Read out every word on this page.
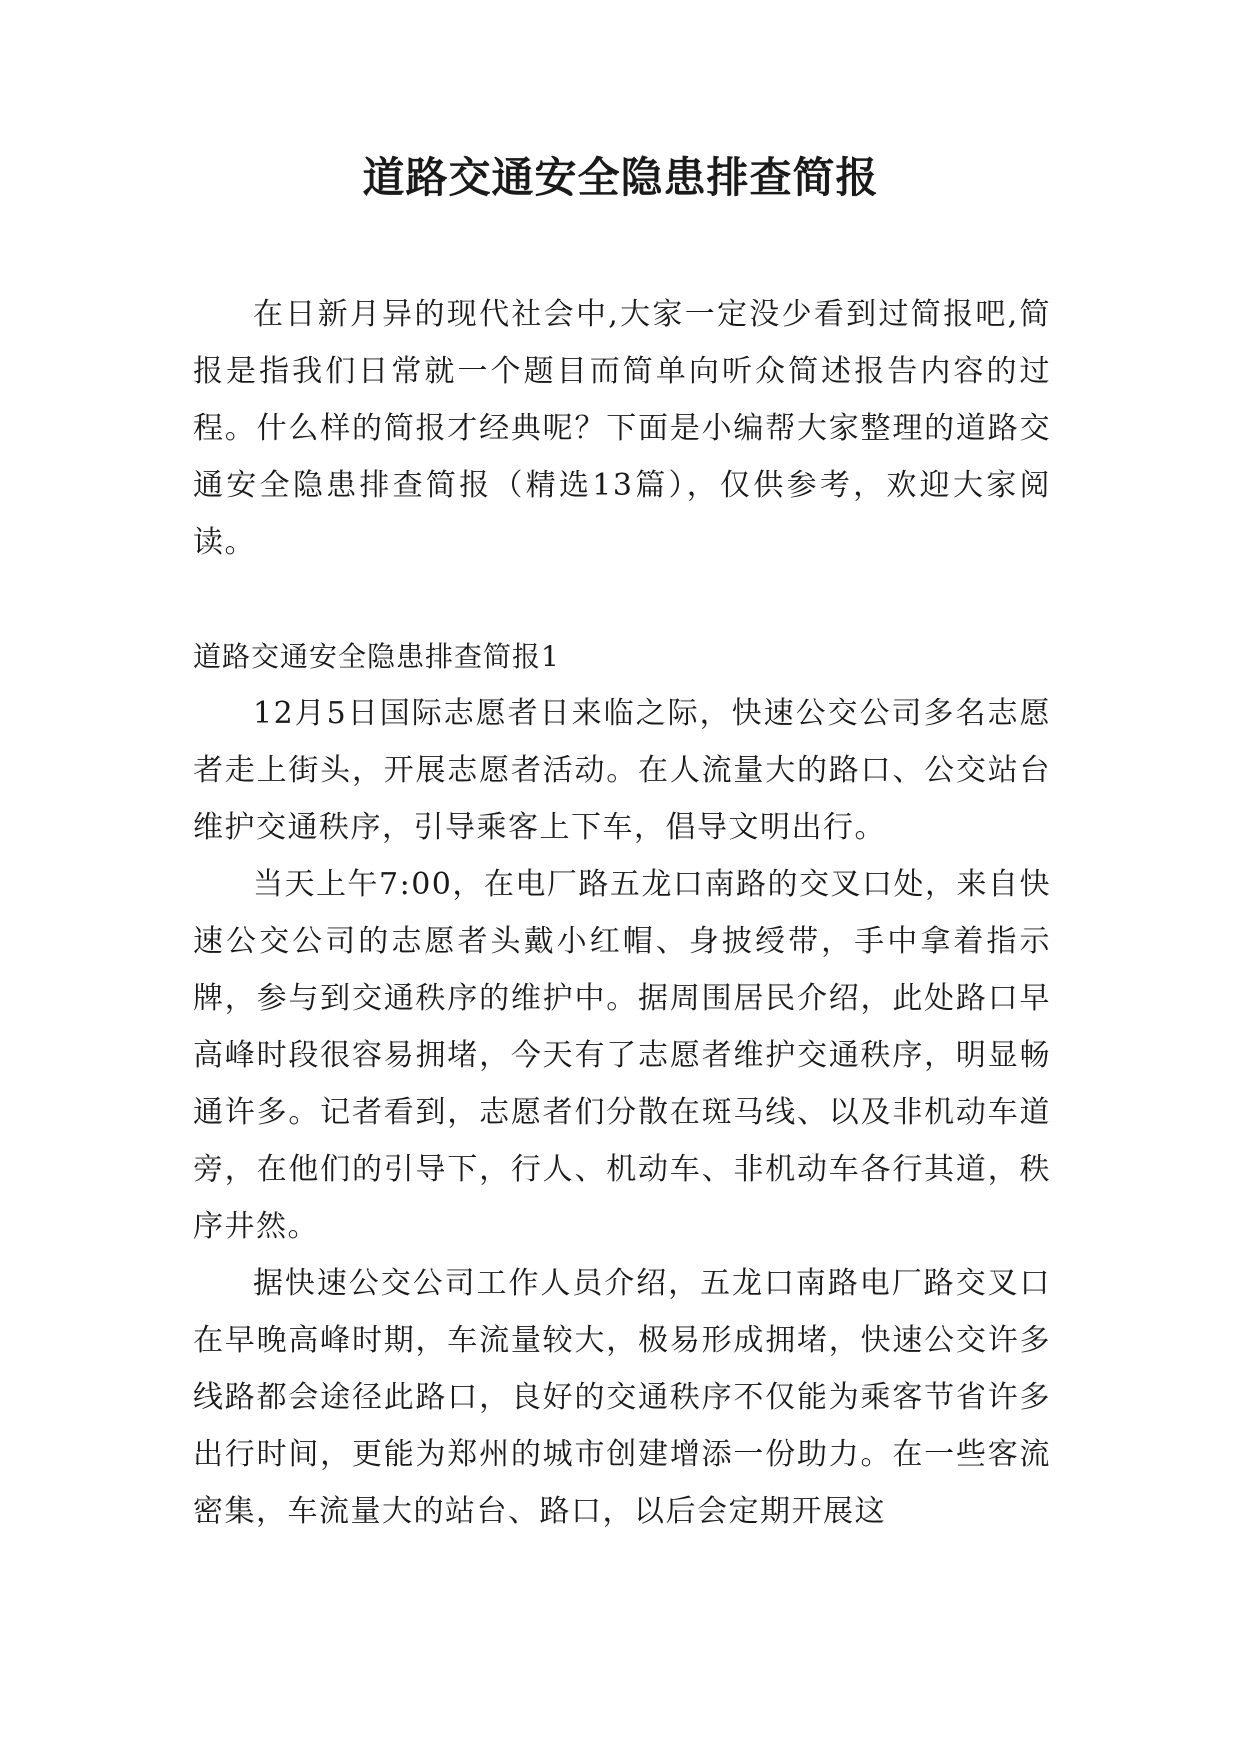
道路交通安全隐患排查简报

在日新月异的现代社会中,大家一定没少看到过简报吧,简报是指我们日常就一个题目而简单向听众简述报告内容的过程。什么样的简报才经典呢？下面是小编帮大家整理的道路交通安全隐患排查简报（精选13篇），仅供参考，欢迎大家阅读。

道路交通安全隐患排查简报1

12月5日国际志愿者日来临之际，快速公交公司多名志愿者走上街头，开展志愿者活动。在人流量大的路口、公交站台维护交通秩序，引导乘客上下车，倡导文明出行。

当天上午7:00，在电厂路五龙口南路的交叉口处，来自快速公交公司的志愿者头戴小红帽、身披绶带，手中拿着指示牌，参与到交通秩序的维护中。据周围居民介绍，此处路口早高峰时段很容易拥堵，今天有了志愿者维护交通秩序，明显畅通许多。记者看到，志愿者们分散在斑马线、以及非机动车道旁，在他们的引导下，行人、机动车、非机动车各行其道，秩序井然。

据快速公交公司工作人员介绍，五龙口南路电厂路交叉口在早晚高峰时期，车流量较大，极易形成拥堵，快速公交许多线路都会途径此路口，良好的交通秩序不仅能为乘客节省许多出行时间，更能为郑州的城市创建增添一份助力。在一些客流密集，车流量大的站台、路口，以后会定期开展这
